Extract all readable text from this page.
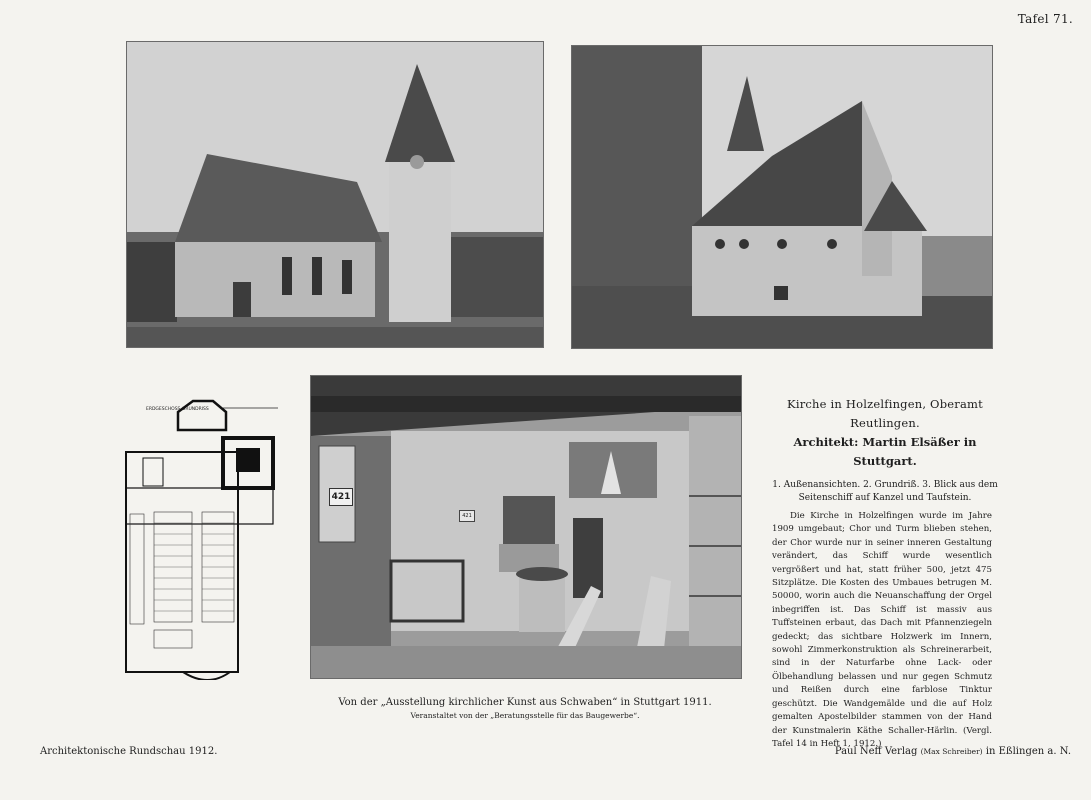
Tafel 71.
ERDGESCHOSS GRUNDRISS
421
421
Kirche in Holzelfingen, Oberamt Reutlingen.
Architekt: Martin Elsäßer in Stuttgart.
1. Außenansichten. 2. Grundriß. 3. Blick aus dem Seitenschiff auf Kanzel und Taufstein.
Die Kirche in Holzelfingen wurde im Jahre 1909 umgebaut; Chor und Turm blieben stehen, der Chor wurde nur in seiner inneren Gestaltung verändert, das Schiff wurde wesentlich vergrößert und hat, statt früher 500, jetzt 475 Sitzplätze. Die Kosten des Umbaues betrugen M. 50000, worin auch die Neuanschaffung der Orgel inbegriffen ist. Das Schiff ist massiv aus Tuffsteinen erbaut, das Dach mit Pfannenziegeln gedeckt; das sichtbare Holzwerk im Innern, sowohl Zimmerkonstruktion als Schreinerarbeit, sind in der Naturfarbe ohne Lack- oder Ölbehandlung belassen und nur gegen Schmutz und Reißen durch eine farblose Tinktur geschützt. Die Wandgemälde und die auf Holz gemalten Apostelbilder stammen von der Hand der Kunstmalerin Käthe Schaller-Härlin. (Vergl. Tafel 14 in Heft 1, 1912.)
Von der „Ausstellung kirchlicher Kunst aus Schwaben“ in Stuttgart 1911.
Veranstaltet von der „Beratungsstelle für das Baugewerbe“.
Architektonische Rundschau 1912.	Paul Neff Verlag (Max Schreiber) in Eßlingen a. N.
